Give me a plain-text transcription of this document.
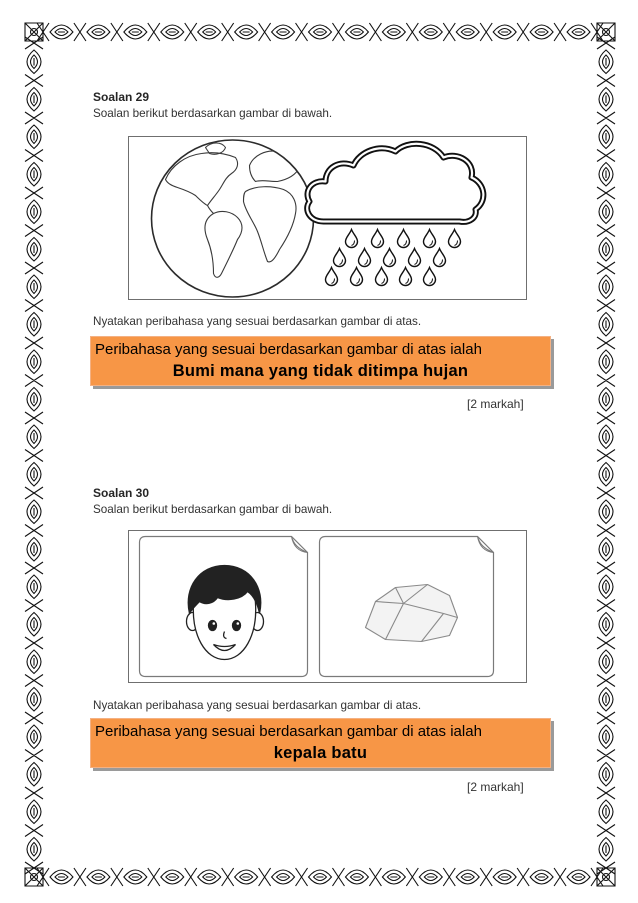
Soalan 29
Soalan berikut berdasarkan gambar di bawah.
Nyatakan peribahasa yang sesuai berdasarkan gambar di atas.
Peribahasa yang sesuai berdasarkan gambar di atas ialah
Bumi mana yang tidak ditimpa hujan
[2 markah]
Soalan 30
Soalan berikut berdasarkan gambar di bawah.
Nyatakan peribahasa yang sesuai berdasarkan gambar di atas.
Peribahasa yang sesuai berdasarkan gambar di atas ialah
kepala batu
[2 markah]
